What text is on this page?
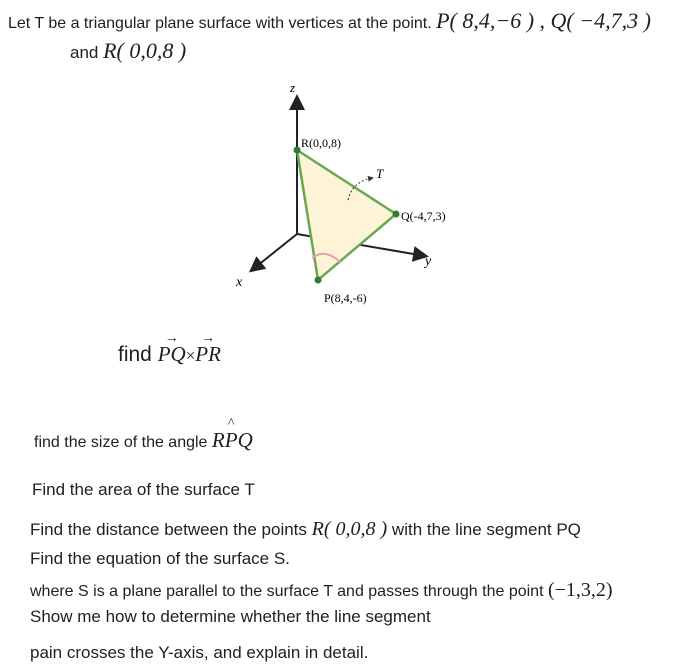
Let T be a triangular plane surface with vertices at the point. P( 8,4,−6 ) , Q( −4,7,3 )
and R( 0,0,8 )
z
R(0,0,8)
T
Q(-4,7,3)
y
x
P(8,4,-6)
find
→
PQ×
→
PR
find the size of the angle R
^
PQ
Find the area of the surface T
Find the distance between the points R( 0,0,8 ) with the line segment PQ
Find the equation of the surface S.
where S is a plane parallel to the surface T and passes through the point (−1,3,2)
Show me how to determine whether the line segment
pain crosses the Y-axis, and explain in detail.
